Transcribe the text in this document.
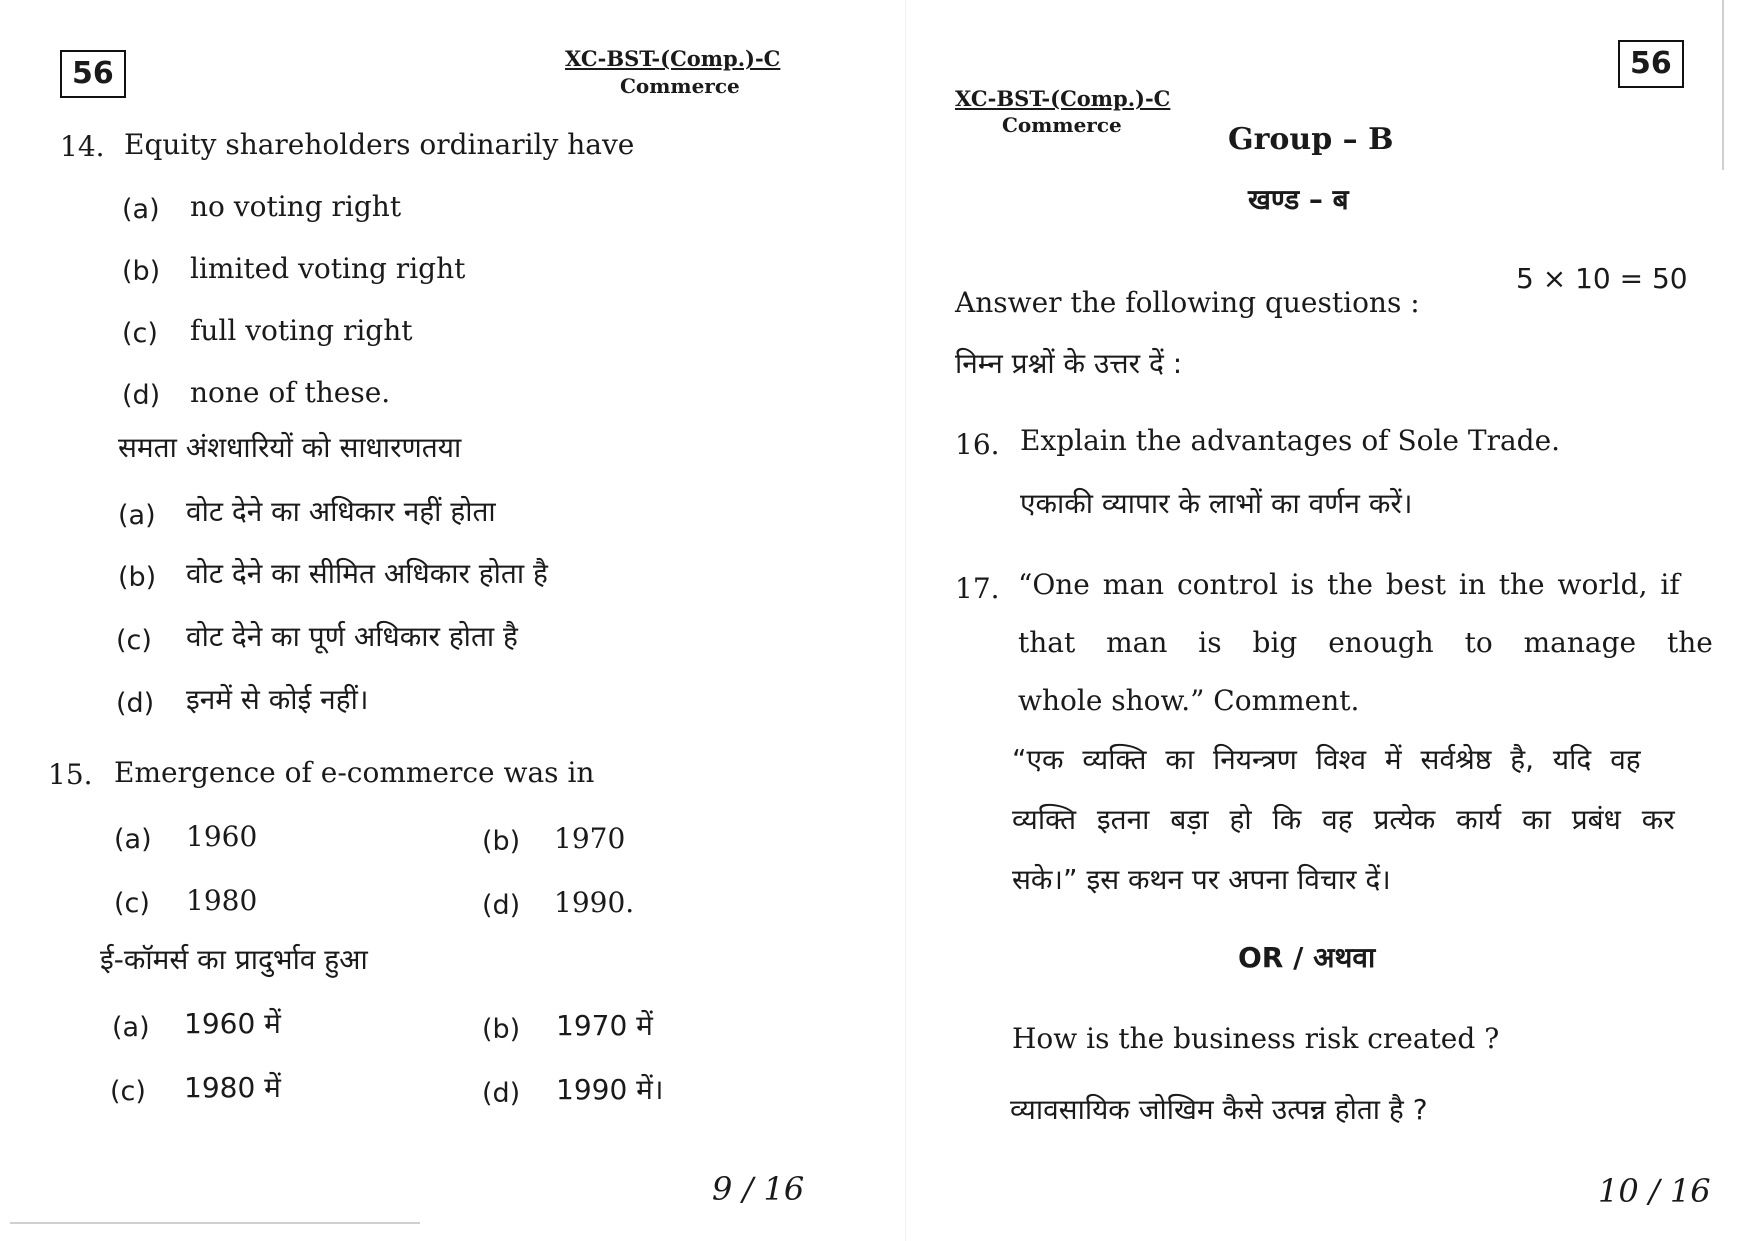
56	XC-BST-(Comp.)-C
Commerce
14. Equity shareholders ordinarily have
(a) no voting right
(b) limited voting right
(c) full voting right
(d) none of these.
समता अंशधारियों को साधारणतया
(a) वोट देने का अधिकार नहीं होता
(b) वोट देने का सीमित अधिकार होता है
(c) वोट देने का पूर्ण अधिकार होता है
(d) इनमें से कोई नहीं।
15. Emergence of e-commerce was in
(a) 1960	(b) 1970
(c) 1980	(d) 1990.
ई-कॉमर्स का प्रादुर्भाव हुआ
(a) 1960 में	(b) 1970 में
(c) 1980 में	(d) 1990 में।
9 / 16
56
XC-BST-(Comp.)-C
Commerce	Group – B
खण्ड – ब
Answer the following questions :
5 × 10 = 50
निम्न प्रश्नों के उत्तर दें :
16. Explain the advantages of Sole Trade.
एकाकी व्यापार के लाभों का वर्णन करें।
17. “One man control is the best in the world, if
that man is big enough to manage the
whole show.” Comment.
“एक व्यक्ति का नियन्त्रण विश्व में सर्वश्रेष्ठ है, यदि वह
व्यक्ति इतना बड़ा हो कि वह प्रत्येक कार्य का प्रबंध कर
सके।” इस कथन पर अपना विचार दें।
OR / अथवा
How is the business risk created ?
व्यावसायिक जोखिम कैसे उत्पन्न होता है ?
10 / 16
